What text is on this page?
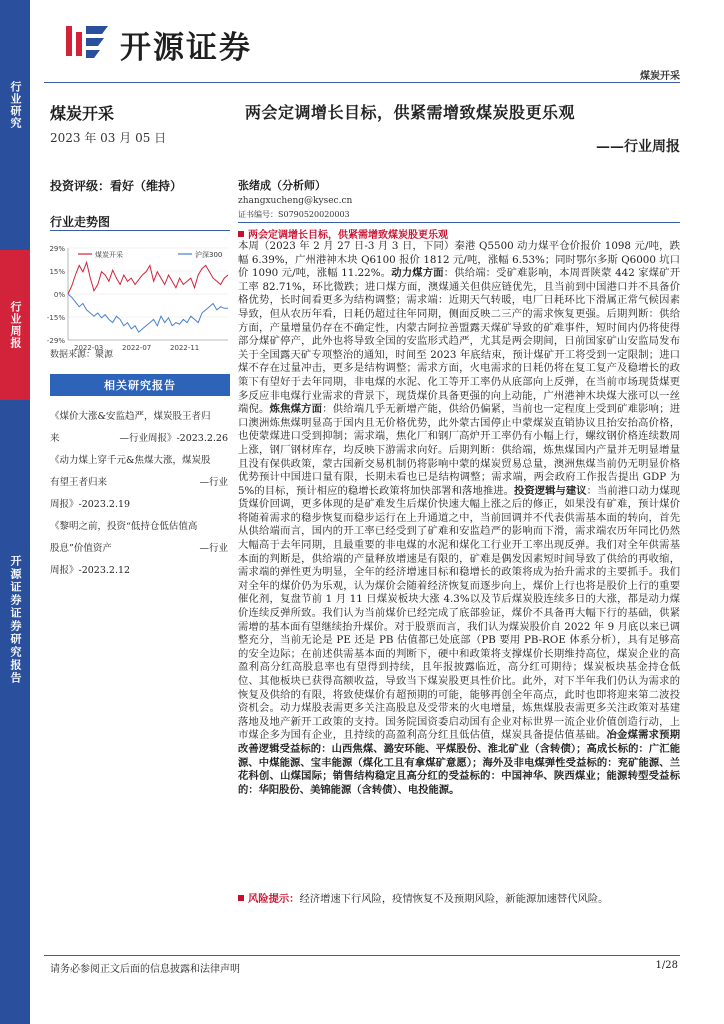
开源证券
煤炭开采
行业研究
行业周报
开源证券证券研究报告
煤炭开采
2023 年 03 月 05 日
投资评级：看好（维持）
行业走势图
29%
15%
0%
-15%
-29%
2022-03	2022-07	2022-11
煤炭开采	沪深300
数据来源：聚源
相关研究报告
《煤价大涨&安监趋严，煤炭股王者归
来	—行业周报》-2023.2.26
《动力煤上穿千元&焦煤大涨，煤炭股
有望王者归来	—行业
周报》-2023.2.19
《黎明之前，投资“低持仓低估值高
股息”价值资产	—行业
周报》-2023.2.12
两会定调增长目标，供紧需增致煤炭股更乐观
——行业周报
张绪成（分析师）
zhangxucheng@kysec.cn
证书编号：S0790520020003
两会定调增长目标，供紧需增致煤炭股更乐观
本周（2023 年 2 月 27 日-3 月 3 日，下同）秦港 Q5500 动力煤平仓价报价 1098 元/吨，跌幅 6.39%，广州港神木块 Q6100 报价 1812 元/吨，涨幅 6.53%；同时鄂尔多斯 Q6000 坑口价 1090 元/吨，涨幅 11.22%。动力煤方面：供给端：受矿难影响，本周晋陕蒙 442 家煤矿开工率 82.71%，环比微跌；进口煤方面，澳煤通关但供应链优先，且当前到中国港口并不具备价格优势，长时间看更多为结构调整；需求端：近期天气转暖，电厂日耗环比下滑属正常气候因素导致，但从农历年看，日耗仍超过往年同期，侧面反映二三产的需求恢复更强。后期判断：供给方面，产量增量仍存在不确定性，内蒙古阿拉善盟露天煤矿导致的矿难事件，短时间内仍将使得部分煤矿停产，此外也将导致全国的安监形式趋严，尤其是两会期间，日前国家矿山安监局发布关于全国露天矿专项整治的通知，时间至 2023 年底结束，预计煤矿开工将受到一定限制；进口煤不存在过量冲击，更多是结构调整；需求方面，火电需求的日耗仍将在复工复产及稳增长的政策下有望好于去年同期，非电煤的水泥、化工等开工率仍从底部向上反弹，在当前市场现货煤更多反应非电煤行业需求的背景下，现货煤价具备更强的向上动能，广州港神木块煤大涨可以一丝端倪。炼焦煤方面：供给端几乎无新增产能，供给仍偏紧，当前也一定程度上受到矿难影响；进口澳洲炼焦煤明显高于国内且无价格优势，此外蒙古国停止中蒙煤炭直销协议且抬安抬高价格，也使蒙煤进口受到抑制；需求端，焦化厂和钢厂高炉开工率仍有小幅上行，螺纹钢价格连续数周上涨，钢厂钢材库存，均反映下游需求向好。后期判断：供给端，炼焦煤国内产量并无明显增量且没有保供政策，蒙古国新交易机制仍将影响中蒙的煤炭贸易总量，澳洲焦煤当前仍无明显价格优势预计中国进口量有限，长期未看也已是结构调整；需求端，两会政府工作报告提出 GDP 为 5%的目标，预计相应的稳增长政策将加快部署和落地推进。投资逻辑与建议：当前港口动力煤现货煤价回调，更多体现的是矿难发生后煤价快速大幅上涨之后的修正，如果没有矿难，预计煤价将随着需求的稳步恢复而稳步运行在上升通道之中，当前回调并不代表供需基本面的转向，首先从供给端而言，国内的开工率已经受到了矿难和安监趋严的影响而下滑，需求端农历年同比仍然大幅高于去年同期，且最重要的非电煤的水泥和煤化工行业开工率出现反弹。我们对全年供需基本面的判断是，供给端的产量释放增速是有限的，矿难是偶发因素短时间导致了供给的再收缩，需求端的弹性更为明显，全年的经济增速目标和稳增长的政策将成为抬升需求的主要抓手。我们对全年的煤价仍为乐观，认为煤价会随着经济恢复而逐步向上，煤价上行也将是股价上行的重要催化剂，复盘节前 1 月 11 日煤炭板块大涨 4.3%以及节后煤炭股连续多日的大涨，都是动力煤价连续反弹所致。我们认为当前煤价已经完成了底部验证，煤价不具备再大幅下行的基础，供紧需增的基本面有望继续抬升煤价。对于股票而言，我们认为煤炭股价自 2022 年 9 月底以来已调整充分，当前无论是 PE 还是 PB 估值都已处底部（PB 要用 PB-ROE 体系分析），具有足够高的安全边际；在前述供需基本面的判断下，硬中和政策将支撑煤价长期维持高位，煤炭企业的高盈利高分红高股息率也有望得到持续，且年报披露临近，高分红可期待；煤炭板块基金持仓低位、其他板块已获得高额收益，导致当下煤炭股更具性价比。此外，对下半年我们仍认为需求的恢复及供给的有限，将致使煤价有超预期的可能，能够再创全年高点，此时也即将迎来第二波投资机会。动力煤股表需更多关注高股息及受带来的火电增量，炼焦煤股表需更多关注政策对基建落地及地产新开工政策的支持。国务院国资委启动国有企业对标世界一流企业价值创造行动，上市煤企多为国有企业，且持续的高盈利高分红且低估值，煤炭具备提估值基础。冶金煤需求预期改善逻辑受益标的：山西焦煤、潞安环能、平煤股份、淮北矿业（含转债）；高成长标的：广汇能源、中煤能源、宝丰能源（煤化工且有拿煤矿意愿）；海外及非电煤弹性受益标的：兖矿能源、兰花科创、山煤国际；销售结构稳定且高分红的受益标的：中国神华、陕西煤业；能源转型受益标的：华阳股份、美锦能源（含转债）、电投能源。
风险提示：经济增速下行风险，疫情恢复不及预期风险，新能源加速替代风险。
请务必参阅正文后面的信息披露和法律声明	1/28
